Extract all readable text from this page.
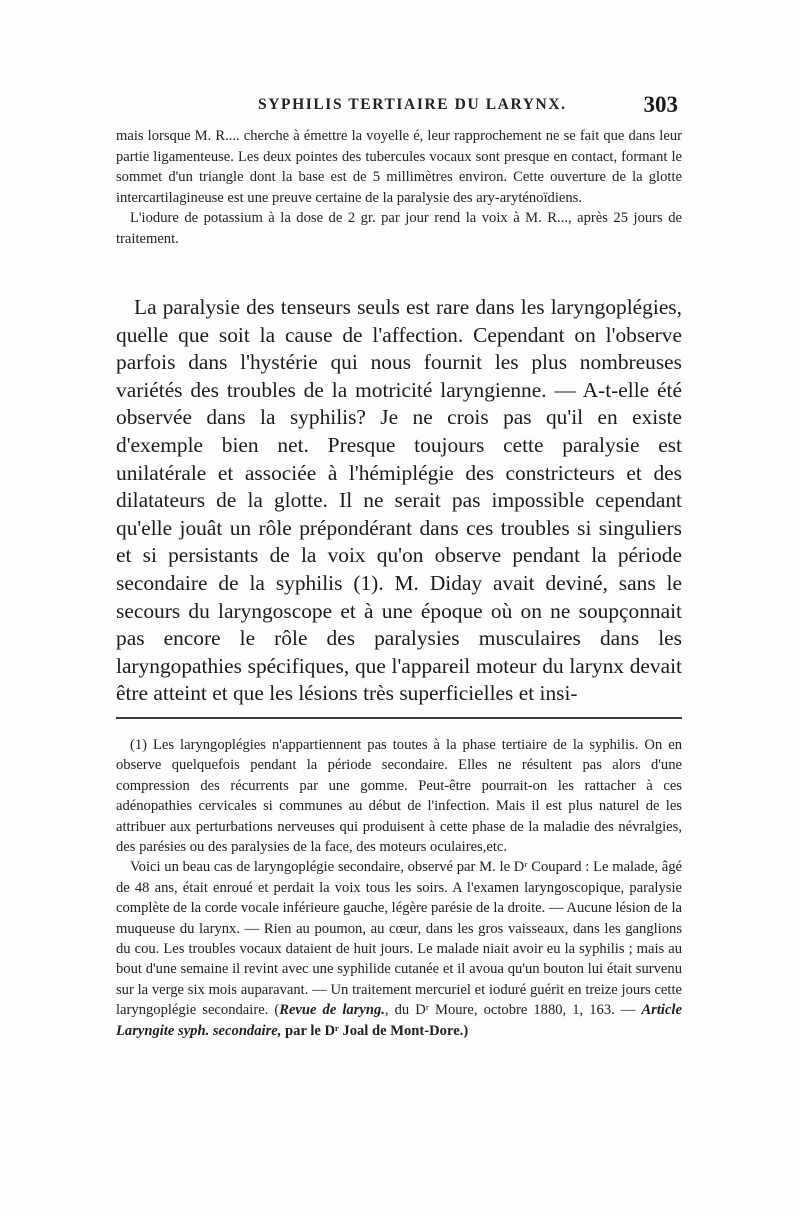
SYPHILIS TERTIAIRE DU LARYNX.	303

mais lorsque M. R.... cherche à émettre la voyelle é, leur rapprochement ne se fait que dans leur partie ligamenteuse. Les deux pointes des tubercules vocaux sont presque en contact, formant le sommet d'un triangle dont la base est de 5 millimètres environ. Cette ouverture de la glotte intercartilagineuse est une preuve certaine de la paralysie des ary-aryténoïdiens.

L'iodure de potassium à la dose de 2 gr. par jour rend la voix à M. R..., après 25 jours de traitement.

La paralysie des tenseurs seuls est rare dans les laryngoplégies, quelle que soit la cause de l'affection. Cependant on l'observe parfois dans l'hystérie qui nous fournit les plus nombreuses variétés des troubles de la motricité laryngienne. — A-t-elle été observée dans la syphilis? Je ne crois pas qu'il en existe d'exemple bien net. Presque toujours cette paralysie est unilatérale et associée à l'hémiplégie des constricteurs et des dilatateurs de la glotte. Il ne serait pas impossible cependant qu'elle jouât un rôle prépondérant dans ces troubles si singuliers et si persistants de la voix qu'on observe pendant la période secondaire de la syphilis (1). M. Diday avait deviné, sans le secours du laryngoscope et à une époque où on ne soupçonnait pas encore le rôle des paralysies musculaires dans les laryngopathies spécifiques, que l'appareil moteur du larynx devait être atteint et que les lésions très superficielles et insi-

(1) Les laryngoplégies n'appartiennent pas toutes à la phase tertiaire de la syphilis. On en observe quelquefois pendant la période secondaire. Elles ne résultent pas alors d'une compression des récurrents par une gomme. Peut-être pourrait-on les rattacher à ces adénopathies cervicales si communes au début de l'infection. Mais il est plus naturel de les attribuer aux perturbations nerveuses qui produisent à cette phase de la maladie des névralgies, des parésies ou des paralysies de la face, des moteurs oculaires,etc.

Voici un beau cas de laryngoplégie secondaire, observé par M. le Dʳ Coupard : Le malade, âgé de 48 ans, était enroué et perdait la voix tous les soirs. A l'examen laryngoscopique, paralysie complète de la corde vocale inférieure gauche, légère parésie de la droite. — Aucune lésion de la muqueuse du larynx. — Rien au poumon, au cœur, dans les gros vaisseaux, dans les ganglions du cou. Les troubles vocaux dataient de huit jours. Le malade niait avoir eu la syphilis ; mais au bout d'une semaine il revint avec une syphilide cutanée et il avoua qu'un bouton lui était survenu sur la verge six mois auparavant. — Un traitement mercuriel et ioduré guérit en treize jours cette laryngoplégie secondaire. (Revue de laryng., du Dʳ Moure, octobre 1880, 1, 163. — Article Laryngite syph. secondaire, par le Dʳ Joal de Mont-Dore.)
